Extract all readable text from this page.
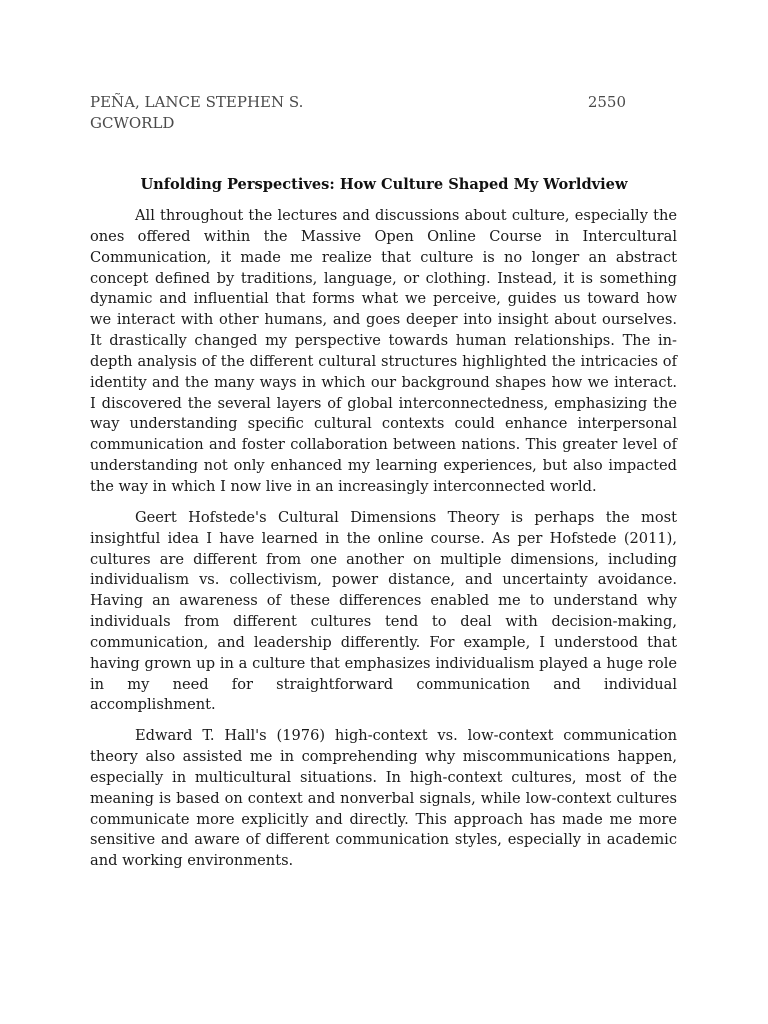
PEÑA, LANCE STEPHEN S.	2550
GCWORLD
Unfolding Perspectives: How Culture Shaped My Worldview

All throughout the lectures and discussions about culture, especially the ones offered within the Massive Open Online Course in Intercultural Communication, it made me realize that culture is no longer an abstract concept defined by traditions, language, or clothing. Instead, it is something dynamic and influential that forms what we perceive, guides us toward how we interact with other humans, and goes deeper into insight about ourselves. It drastically changed my perspective towards human relationships. The in-depth analysis of the different cultural structures highlighted the intricacies of identity and the many ways in which our background shapes how we interact. I discovered the several layers of global interconnectedness, emphasizing the way understanding specific cultural contexts could enhance interpersonal communication and foster collaboration between nations. This greater level of understanding not only enhanced my learning experiences, but also impacted the way in which I now live in an increasingly interconnected world.

Geert Hofstede's Cultural Dimensions Theory is perhaps the most insightful idea I have learned in the online course. As per Hofstede (2011), cultures are different from one another on multiple dimensions, including individualism vs. collectivism, power distance, and uncertainty avoidance. Having an awareness of these differences enabled me to understand why individuals from different cultures tend to deal with decision-making, communication, and leadership differently. For example, I understood that having grown up in a culture that emphasizes individualism played a huge role in my need for straightforward communication and individual accomplishment.

Edward T. Hall's (1976) high-context vs. low-context communication theory also assisted me in comprehending why miscommunications happen, especially in multicultural situations. In high-context cultures, most of the meaning is based on context and nonverbal signals, while low-context cultures communicate more explicitly and directly. This approach has made me more sensitive and aware of different communication styles, especially in academic and working environments.
